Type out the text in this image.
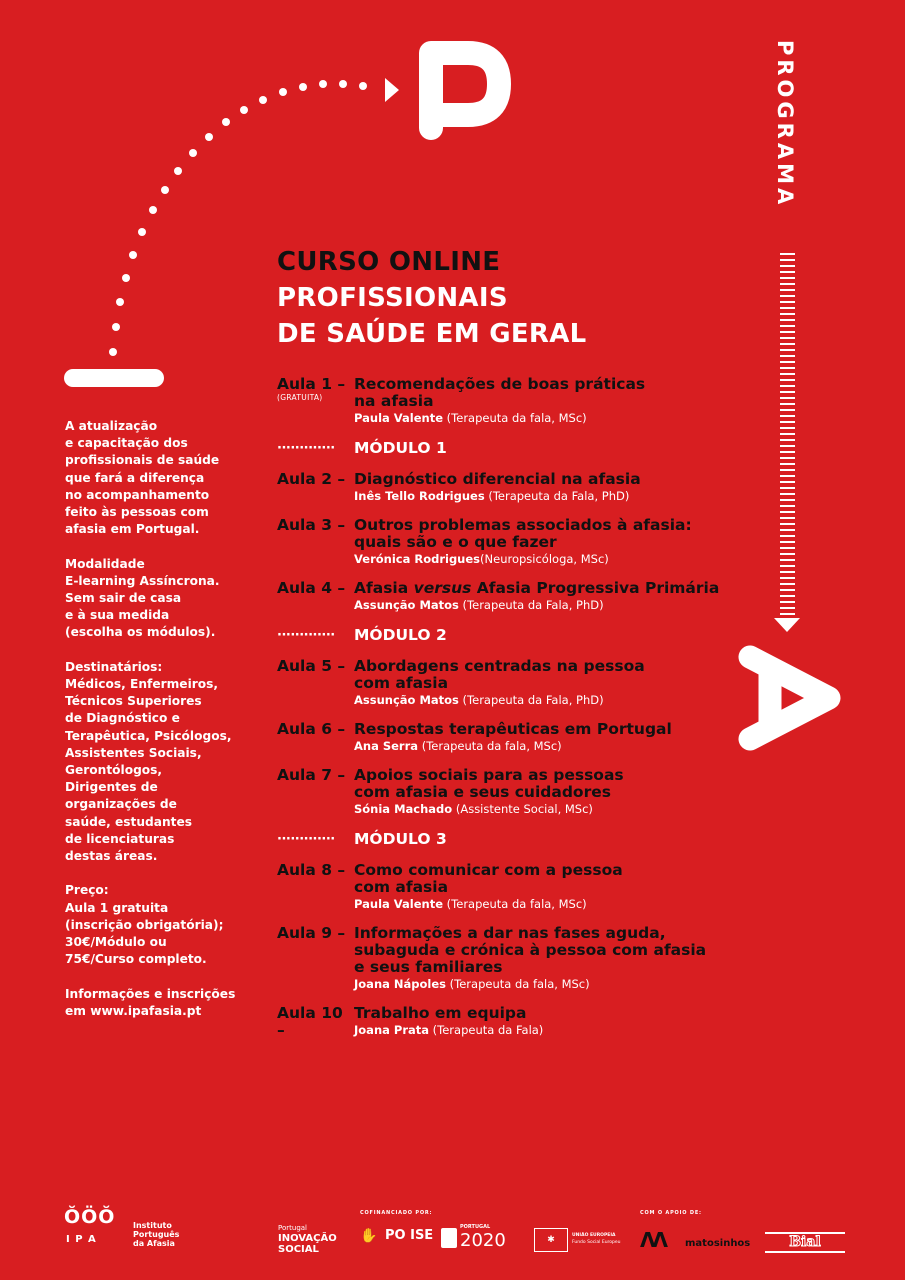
PROGRAMA
CURSO ONLINE
PROFISSIONAIS
DE SAÚDE EM GERAL

A atualização
e capacitação dos
profissionais de saúde
que fará a diferença
no acompanhamento
feito às pessoas com
afasia em Portugal.

Modalidade
E-learning Assíncrona.
Sem sair de casa
e à sua medida
(escolha os módulos).

Destinatários:
Médicos, Enfermeiros,
Técnicos Superiores
de Diagnóstico e
Terapêutica, Psicólogos,
Assistentes Sociais,
Gerontólogos,
Dirigentes de
organizações de
saúde, estudantes
de licenciaturas
destas áreas.

Preço:
Aula 1 gratuita
(inscrição obrigatória);
30€/Módulo ou
75€/Curso completo.

Informações e inscrições
em www.ipafasia.pt

Aula 1 –
(GRATUITA)
Recomendações de boas práticas
na afasia
Paula Valente (Terapeuta da fala, MSc)
·············	MÓDULO 1
Aula 2 – Diagnóstico diferencial na afasia
Inês Tello Rodrigues (Terapeuta da Fala, PhD)
Aula 3 – Outros problemas associados à afasia:
quais são e o que fazer
Verónica Rodrigues(Neuropsicóloga, MSc)
Aula 4 – Afasia versus Afasia Progressiva Primária
Assunção Matos (Terapeuta da Fala, PhD)
·············	MÓDULO 2
Aula 5 – Abordagens centradas na pessoa
com afasia
Assunção Matos (Terapeuta da Fala, PhD)
Aula 6 – Respostas terapêuticas em Portugal
Ana Serra (Terapeuta da fala, MSc)
Aula 7 – Apoios sociais para as pessoas
com afasia e seus cuidadores
Sónia Machado (Assistente Social, MSc)
·············	MÓDULO 3
Aula 8 – Como comunicar com a pessoa
com afasia
Paula Valente (Terapeuta da fala, MSc)
Aula 9 – Informações a dar nas fases aguda,
subaguda e crónica à pessoa com afasia
e seus familiares
Joana Nápoles (Terapeuta da fala, MSc)
Aula 10 –
Trabalho em equipa
Joana Prata (Terapeuta da Fala)
ŎÖŎ
I P A
Instituto
Português
da Afasia
COFINANCIADO POR:	COM O APOIO DE:
Portugal
INOVAÇÃO
SOCIAL
✋ PO ISE
PORTUGAL
2020	✱	UNIÃO EUROPEIA
Fundo Social Europeu ΛΛ matosinhos	Bial
